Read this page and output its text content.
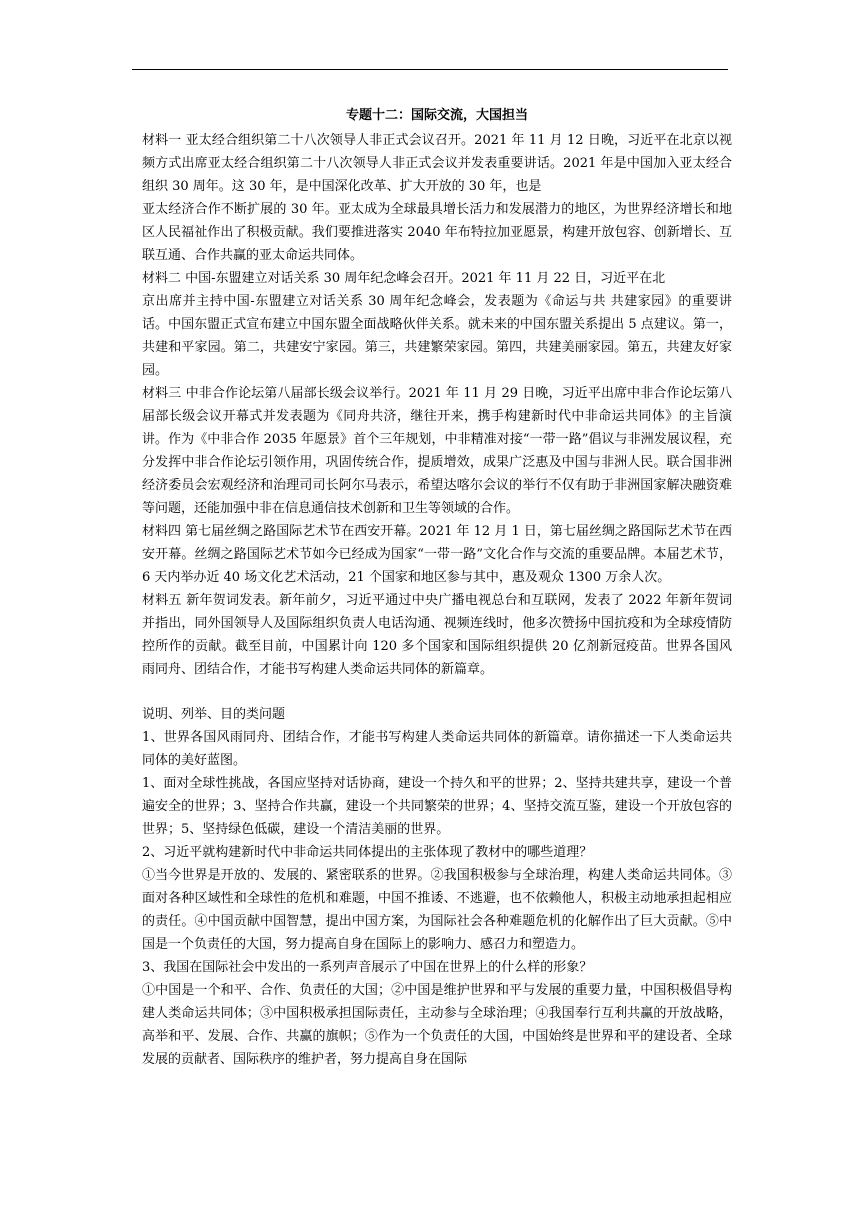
专题十二：国际交流，大国担当

材料一 亚太经合组织第二十八次领导人非正式会议召开。2021 年 11 月 12 日晚，习近平在北京以视频方式出席亚太经合组织第二十八次领导人非正式会议并发表重要讲话。2021 年是中国加入亚太经合组织 30 周年。这 30 年，是中国深化改革、扩大开放的 30 年，也是

亚太经济合作不断扩展的 30 年。亚太成为全球最具增长活力和发展潜力的地区，为世界经济增长和地区人民福祉作出了积极贡献。我们要推进落实 2040 年布特拉加亚愿景，构建开放包容、创新增长、互联互通、合作共赢的亚太命运共同体。

材料二 中国-东盟建立对话关系 30 周年纪念峰会召开。2021 年 11 月 22 日，习近平在北

京出席并主持中国-东盟建立对话关系 30 周年纪念峰会，发表题为《命运与共 共建家园》的重要讲话。中国东盟正式宣布建立中国东盟全面战略伙伴关系。就未来的中国东盟关系提出 5 点建议。第一，共建和平家园。第二，共建安宁家园。第三，共建繁荣家园。第四，共建美丽家园。第五，共建友好家园。

材料三 中非合作论坛第八届部长级会议举行。2021 年 11 月 29 日晚，习近平出席中非合作论坛第八届部长级会议开幕式并发表题为《同舟共济，继往开来，携手构建新时代中非命运共同体》的主旨演讲。作为《中非合作 2035 年愿景》首个三年规划，中非精准对接“一带一路”倡议与非洲发展议程，充分发挥中非合作论坛引领作用，巩固传统合作，提质增效，成果广泛惠及中国与非洲人民。联合国非洲经济委员会宏观经济和治理司司长阿尔马表示，希望达喀尔会议的举行不仅有助于非洲国家解决融资难等问题，还能加强中非在信息通信技术创新和卫生等领域的合作。

材料四 第七届丝绸之路国际艺术节在西安开幕。2021 年 12 月 1 日，第七届丝绸之路国际艺术节在西安开幕。丝绸之路国际艺术节如今已经成为国家“一带一路”文化合作与交流的重要品牌。本届艺术节，6 天内举办近 40 场文化艺术活动，21 个国家和地区参与其中，惠及观众 1300 万余人次。

材料五 新年贺词发表。新年前夕，习近平通过中央广播电视总台和互联网，发表了 2022 年新年贺词并指出，同外国领导人及国际组织负责人电话沟通、视频连线时，他多次赞扬中国抗疫和为全球疫情防控所作的贡献。截至目前，中国累计向 120 多个国家和国际组织提供 20 亿剂新冠疫苗。世界各国风雨同舟、团结合作，才能书写构建人类命运共同体的新篇章。

说明、列举、目的类问题

1、世界各国风雨同舟、团结合作，才能书写构建人类命运共同体的新篇章。请你描述一下人类命运共同体的美好蓝图。

1、面对全球性挑战，各国应坚持对话协商，建设一个持久和平的世界；2、坚持共建共享，建设一个普遍安全的世界；3、坚持合作共赢，建设一个共同繁荣的世界；4、坚持交流互鉴，建设一个开放包容的世界；5、坚持绿色低碳，建设一个清洁美丽的世界。

2、习近平就构建新时代中非命运共同体提出的主张体现了教材中的哪些道理？

①当今世界是开放的、发展的、紧密联系的世界。②我国积极参与全球治理，构建人类命运共同体。③面对各种区域性和全球性的危机和难题，中国不推诿、不逃避，也不依赖他人，积极主动地承担起相应的责任。④中国贡献中国智慧，提出中国方案，为国际社会各种难题危机的化解作出了巨大贡献。⑤中国是一个负责任的大国，努力提高自身在国际上的影响力、感召力和塑造力。

3、我国在国际社会中发出的一系列声音展示了中国在世界上的什么样的形象？

①中国是一个和平、合作、负责任的大国；②中国是维护世界和平与发展的重要力量，中国积极倡导构建人类命运共同体；③中国积极承担国际责任，主动参与全球治理；④我国奉行互利共赢的开放战略，高举和平、发展、合作、共赢的旗帜；⑤作为一个负责任的大国，中国始终是世界和平的建设者、全球发展的贡献者、国际秩序的维护者，努力提高自身在国际
